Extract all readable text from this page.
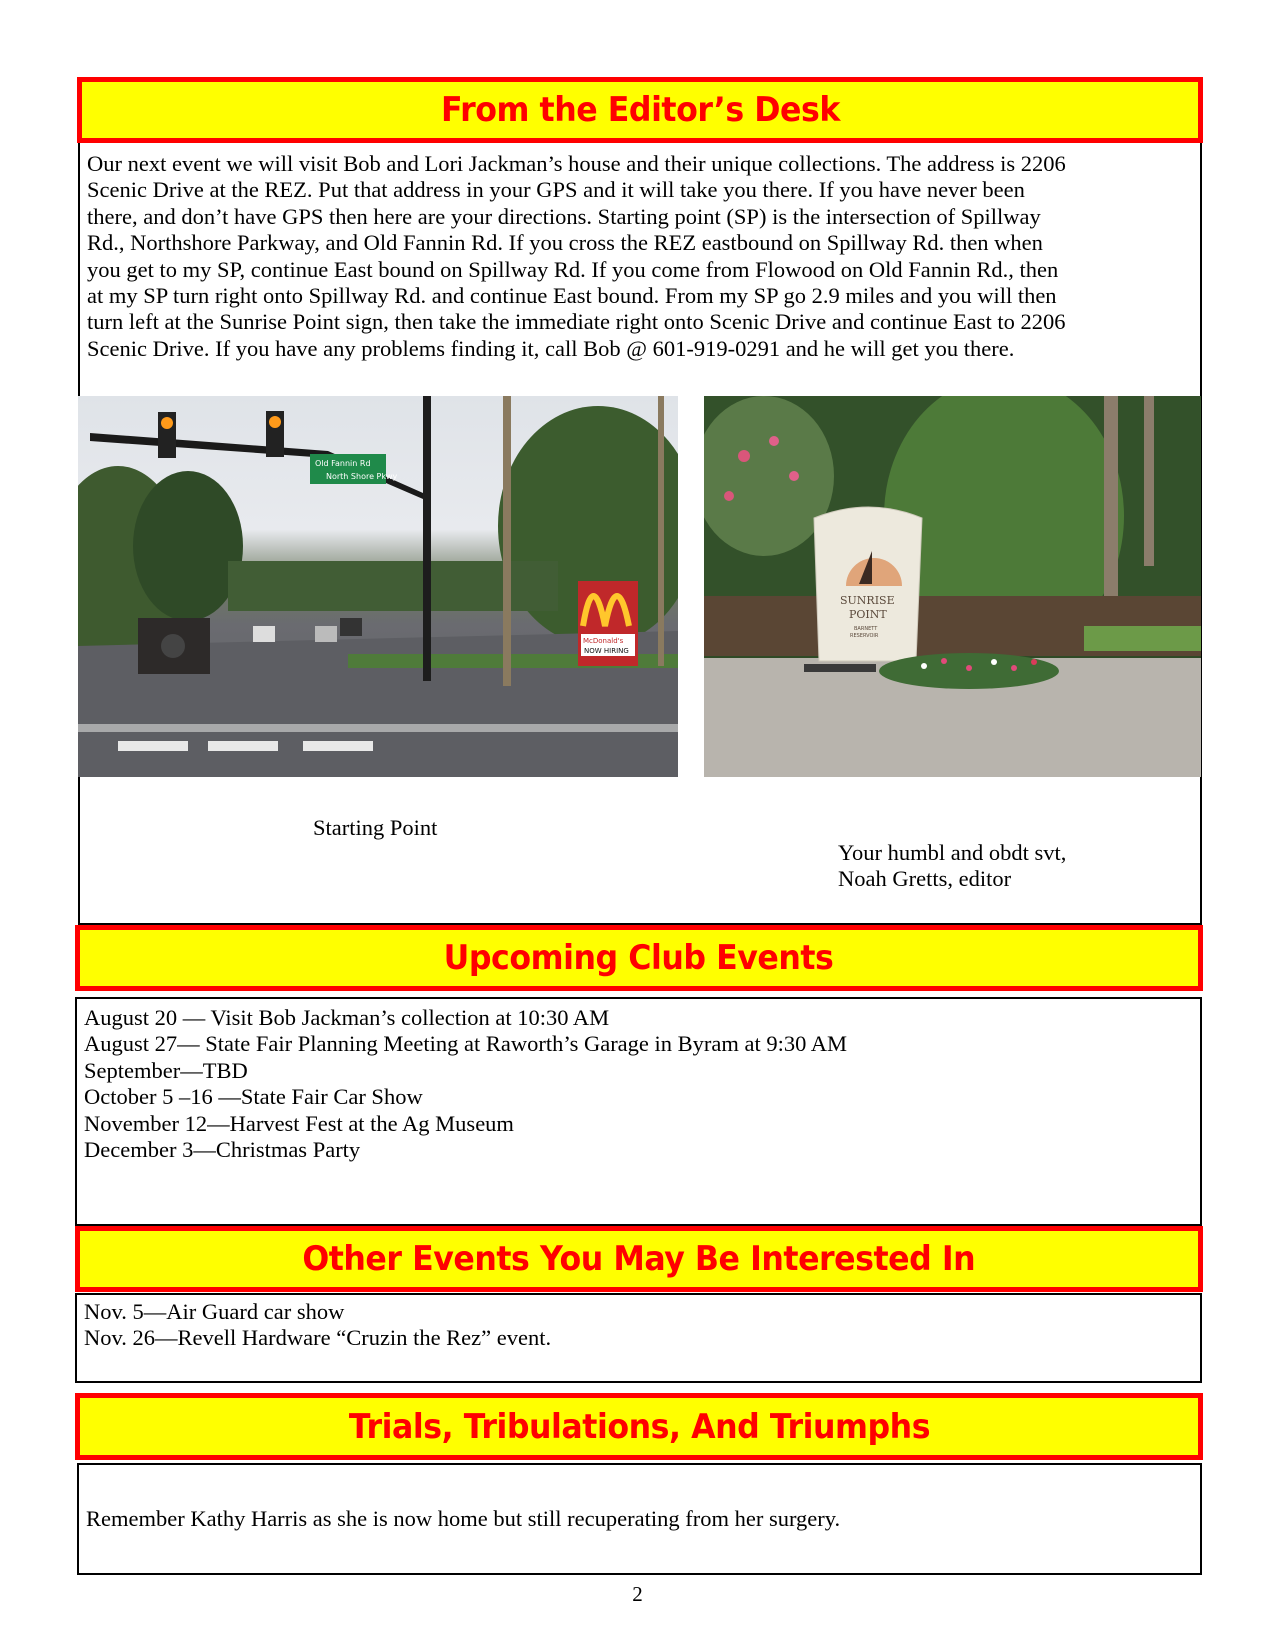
From the Editor’s Desk
Our next event we will visit Bob and Lori Jackman’s house and their unique collections. The address is 2206
Scenic Drive at the REZ. Put that address in your GPS and it will take you there. If you have never been
there, and don’t have GPS then here are your directions. Starting point (SP) is the intersection of Spillway
Rd., Northshore Parkway, and Old Fannin Rd. If you cross the REZ eastbound on Spillway Rd. then when
you get to my SP, continue East bound on Spillway Rd. If you come from Flowood on Old Fannin Rd., then
at my SP turn right onto Spillway Rd. and continue East bound. From my SP go 2.9 miles and you will then
turn left at the Sunrise Point sign, then take the immediate right onto Scenic Drive and continue East to 2206
Scenic Drive. If you have any problems finding it, call Bob @ 601-919-0291 and he will get you there.
Starting Point
Your humbl and obdt svt,
Noah Gretts, editor
Old Fannin Rd
North Shore Pkwy
McDonald's
NOW HIRING
SUNRISE
POINT
BARNETT
RESERVOIR
Upcoming Club Events
August 20 — Visit Bob Jackman’s collection at 10:30 AM
August 27— State Fair Planning Meeting at Raworth’s Garage in Byram at 9:30 AM
September—TBD
October 5 –16 —State Fair Car Show
November 12—Harvest Fest at the Ag Museum
December 3—Christmas Party
Other Events You May Be Interested In
Nov. 5—Air Guard car show
Nov. 26—Revell Hardware “Cruzin the Rez” event.
Trials, Tribulations, And Triumphs
Remember Kathy Harris as she is now home but still recuperating from her surgery.
2
